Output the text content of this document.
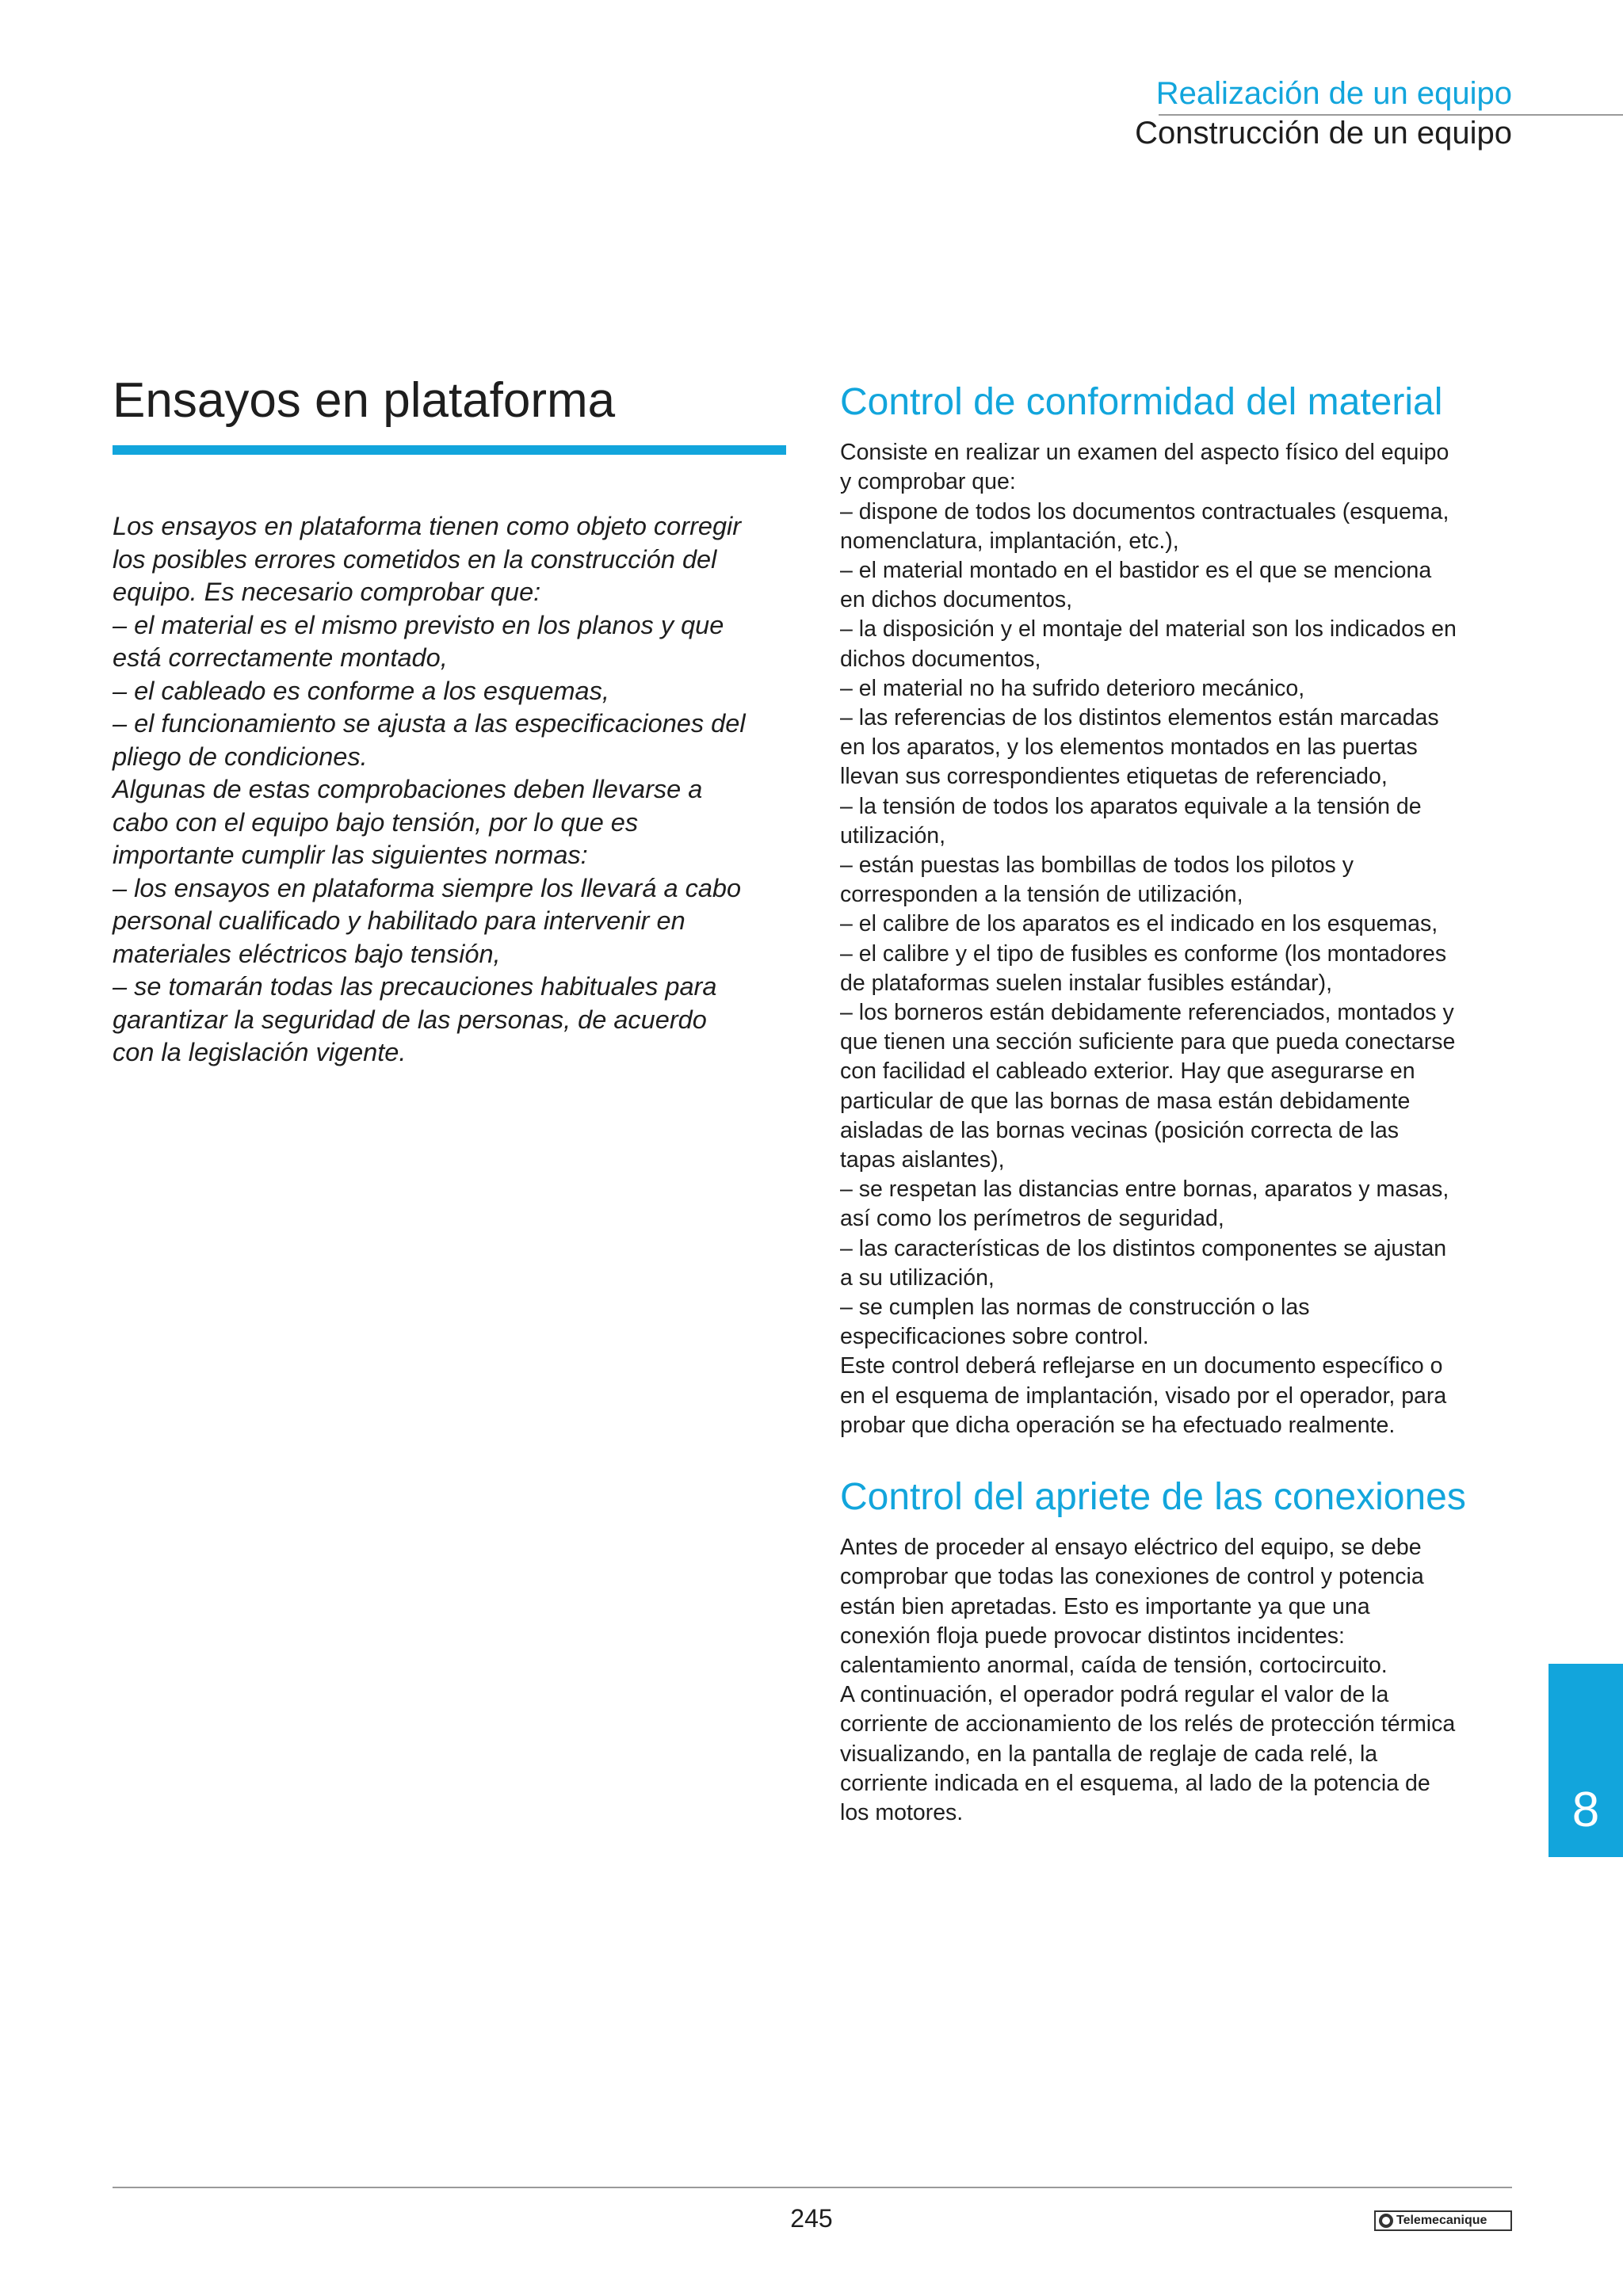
Realización de un equipo
Construcción de un equipo
Ensayos en plataforma
Los ensayos en plataforma tienen como objeto corregir
los posibles errores cometidos en la construcción del
equipo. Es necesario comprobar que:
– el material es el mismo previsto en los planos y que
está correctamente montado,
– el cableado es conforme a los esquemas,
– el funcionamiento se ajusta a las especificaciones del
pliego de condiciones.
Algunas de estas comprobaciones deben llevarse a
cabo con el equipo bajo tensión, por lo que es
importante cumplir las siguientes normas:
– los ensayos en plataforma siempre los llevará a cabo
personal cualificado y habilitado para intervenir en
materiales eléctricos bajo tensión,
– se tomarán todas las precauciones habituales para
garantizar la seguridad de las personas, de acuerdo
con la legislación vigente.
Control de conformidad del material
Consiste en realizar un examen del aspecto físico del equipo
y comprobar que:
– dispone de todos los documentos contractuales (esquema,
nomenclatura, implantación, etc.),
– el material montado en el bastidor es el que se menciona
en dichos documentos,
– la disposición y el montaje del material son los indicados en
dichos documentos,
– el material no ha sufrido deterioro mecánico,
– las referencias de los distintos elementos están marcadas
en los aparatos, y los elementos montados en las puertas
llevan sus correspondientes etiquetas de referenciado,
– la tensión de todos los aparatos equivale a la tensión de
utilización,
– están puestas las bombillas de todos los pilotos y
corresponden a la tensión de utilización,
– el calibre de los aparatos es el indicado en los esquemas,
– el calibre y el tipo de fusibles es conforme (los montadores
de plataformas suelen instalar fusibles estándar),
– los borneros están debidamente referenciados, montados y
que tienen una sección suficiente para que pueda conectarse
con facilidad el cableado exterior. Hay que asegurarse en
particular de que las bornas de masa están debidamente
aisladas de las bornas vecinas (posición correcta de las
tapas aislantes),
– se respetan las distancias entre bornas, aparatos y masas,
así como los perímetros de seguridad,
– las características de los distintos componentes se ajustan
a su utilización,
– se cumplen las normas de construcción o las
especificaciones sobre control.
Este control deberá reflejarse en un documento específico o
en el esquema de implantación, visado por el operador, para
probar que dicha operación se ha efectuado realmente.
Control del apriete de las conexiones
Antes de proceder al ensayo eléctrico del equipo, se debe
comprobar que todas las conexiones de control y potencia
están bien apretadas. Esto es importante ya que una
conexión floja puede provocar distintos incidentes:
calentamiento anormal, caída de tensión, cortocircuito.
A continuación, el operador podrá regular el valor de la
corriente de accionamiento de los relés de protección térmica
visualizando, en la pantalla de reglaje de cada relé, la
corriente indicada en el esquema, al lado de la potencia de
los motores.	8
245	Telemecanique
